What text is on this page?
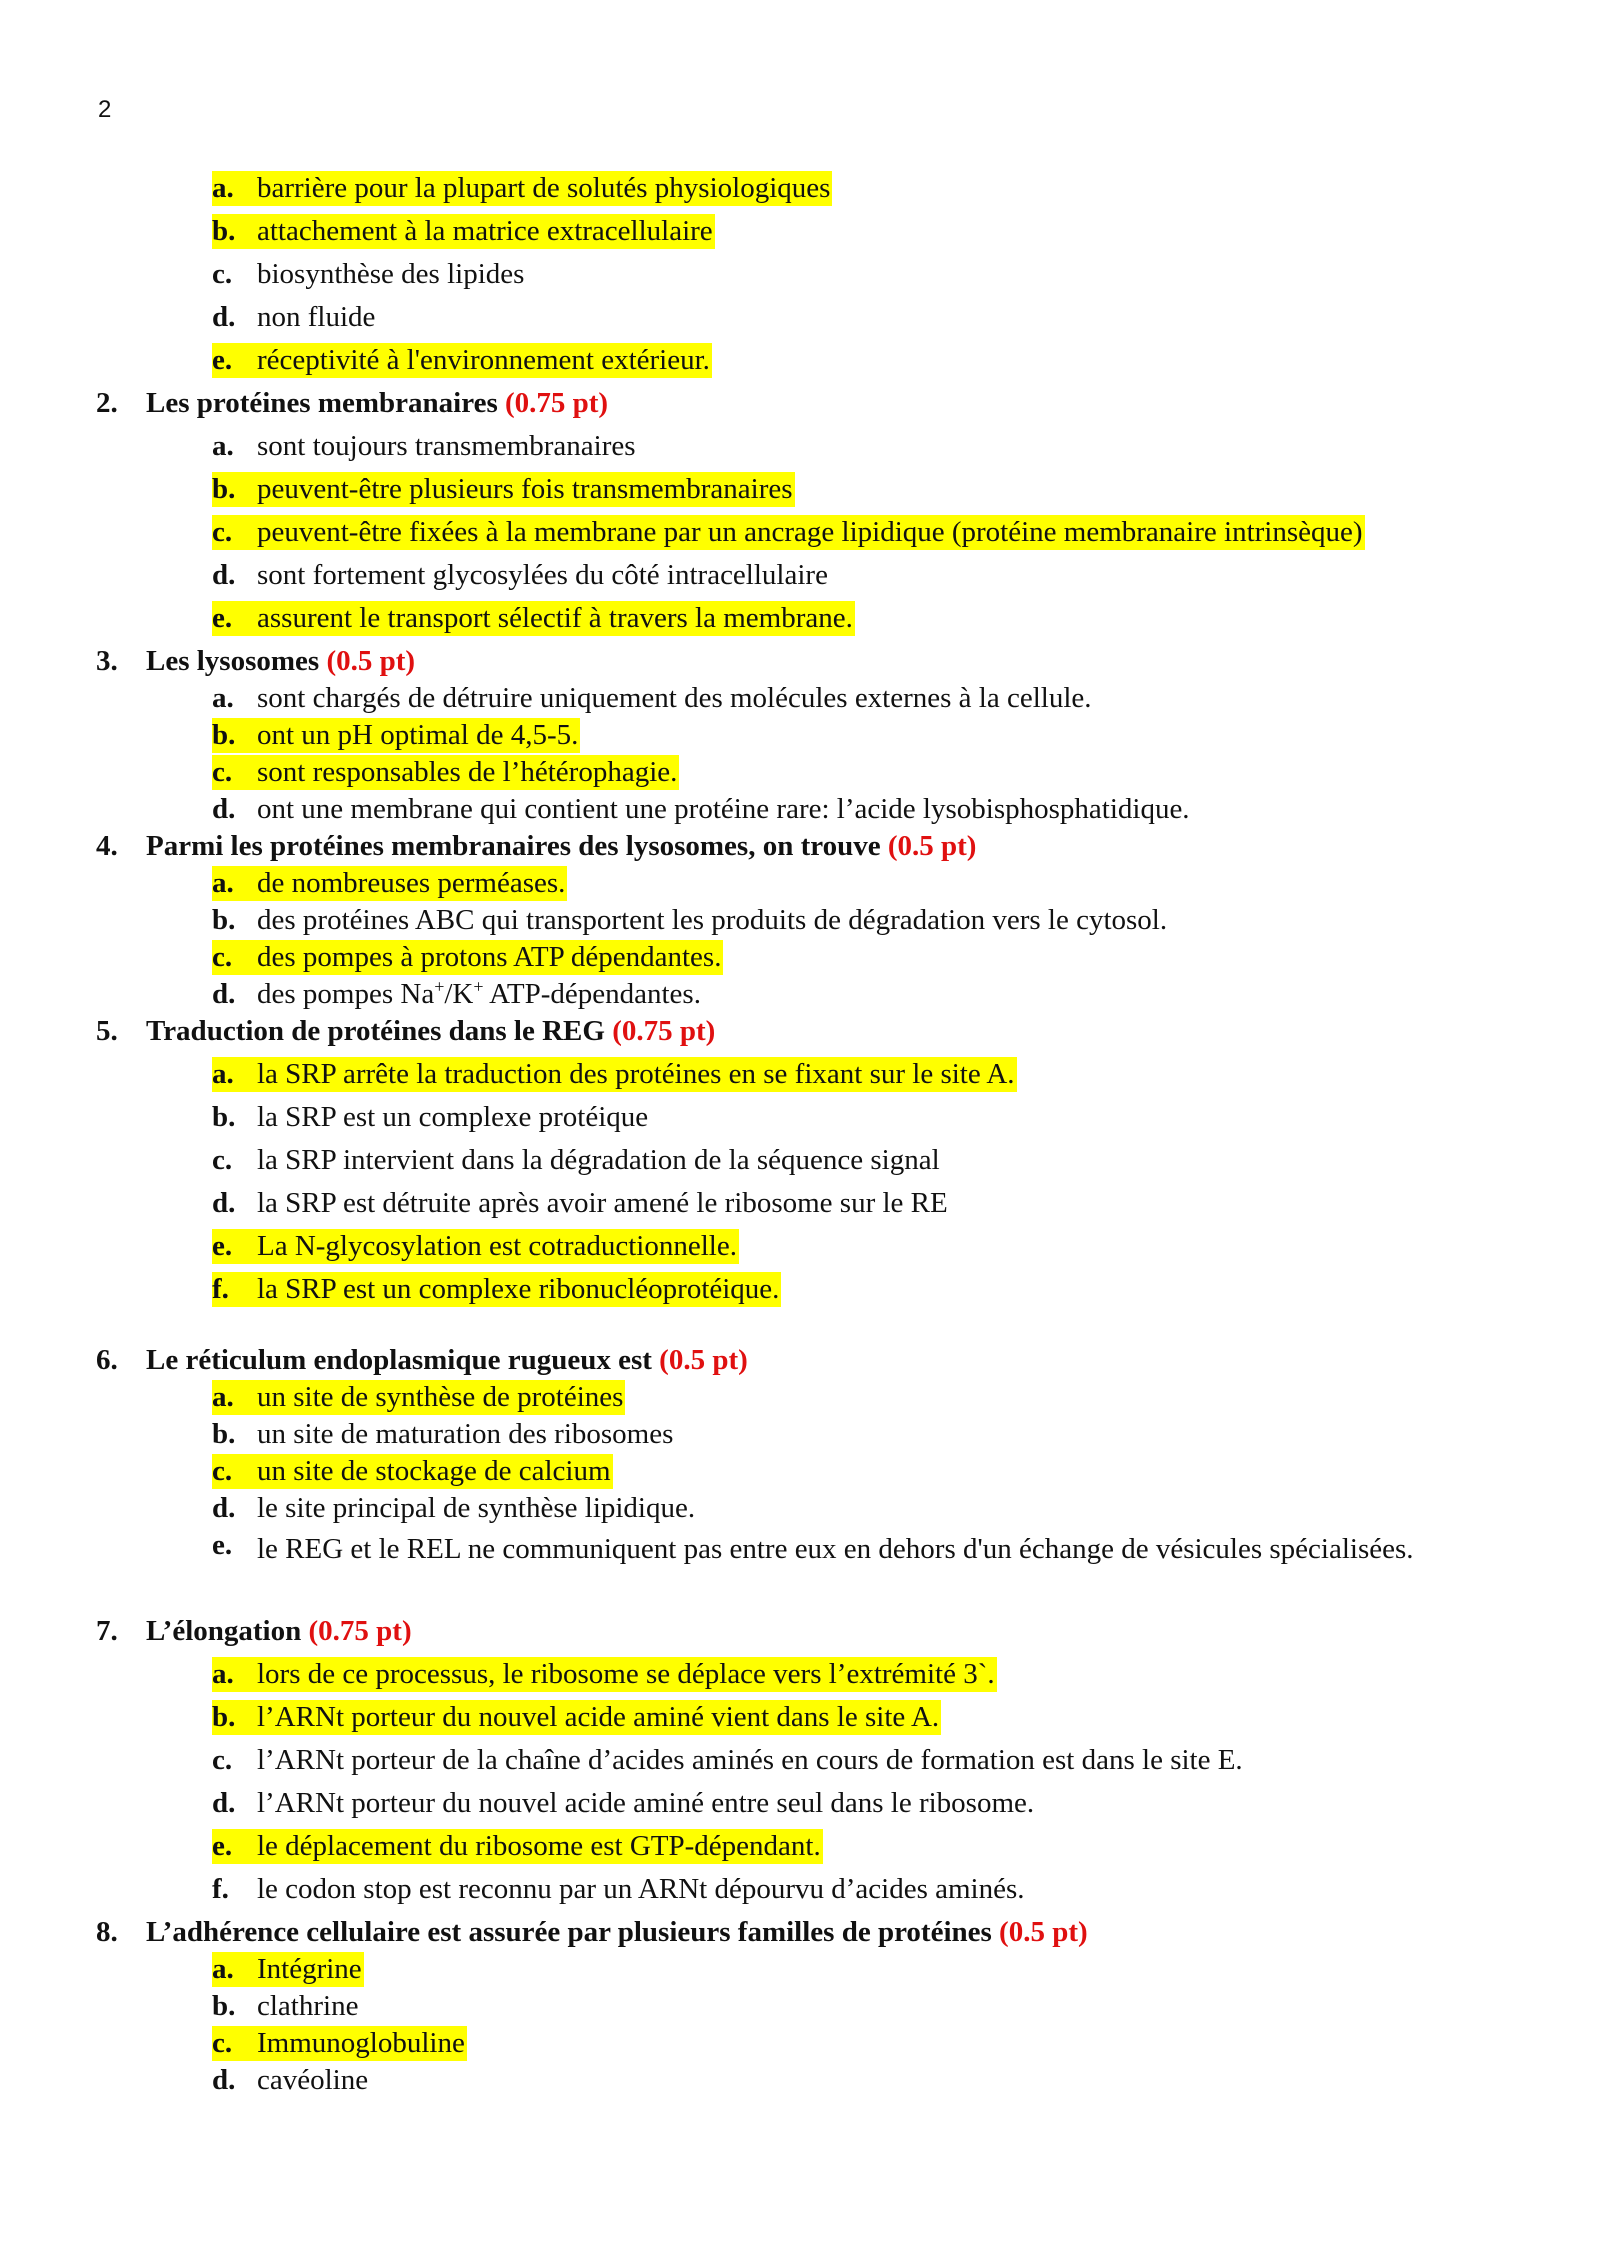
2
a. barrière pour la plupart de solutés physiologiques
b. attachement à la matrice extracellulaire
c. biosynthèse des lipides
d. non fluide
e. réceptivité à l'environnement extérieur.
2. Les protéines membranaires (0.75 pt)
a. sont toujours transmembranaires
b. peuvent-être plusieurs fois transmembranaires
c. peuvent-être fixées à la membrane par un ancrage lipidique (protéine membranaire intrinsèque)
d. sont fortement glycosylées du côté intracellulaire
e. assurent le transport sélectif à travers la membrane.
3. Les lysosomes (0.5 pt)
a. sont chargés de détruire uniquement des molécules externes à la cellule.
b. ont un pH optimal de 4,5-5.
c. sont responsables de l’hétérophagie.
d. ont une membrane qui contient une protéine rare: l’acide lysobisphosphatidique.
4. Parmi les protéines membranaires des lysosomes, on trouve (0.5 pt)
a. de nombreuses perméases.
b. des protéines ABC qui transportent les produits de dégradation vers le cytosol.
c. des pompes à protons ATP dépendantes.
d. des pompes Na+/K+ ATP-dépendantes.
5. Traduction de protéines dans le REG (0.75 pt)
a. la SRP arrête la traduction des protéines en se fixant sur le site A.
b. la SRP est un complexe protéique
c. la SRP intervient dans la dégradation de la séquence signal
d. la SRP est détruite après avoir amené le ribosome sur le RE
e. La N-glycosylation est cotraductionnelle.
f. la SRP est un complexe ribonucléoprotéique.
6. Le réticulum endoplasmique rugueux est (0.5 pt)
a. un site de synthèse de protéines
b. un site de maturation des ribosomes
c. un site de stockage de calcium
d. le site principal de synthèse lipidique.
e. le REG et le REL ne communiquent pas entre eux en dehors d'un échange de vésicules spécialisées.
7. L’élongation (0.75 pt)
a. lors de ce processus, le ribosome se déplace vers l’extrémité 3`.
b. l’ARNt porteur du nouvel acide aminé vient dans le site A.
c. l’ARNt porteur de la chaîne d’acides aminés en cours de formation est dans le site E.
d. l’ARNt porteur du nouvel acide aminé entre seul dans le ribosome.
e. le déplacement du ribosome est GTP-dépendant.
f. le codon stop est reconnu par un ARNt dépourvu d’acides aminés.
8. L’adhérence cellulaire est assurée par plusieurs familles de protéines (0.5 pt)
a. Intégrine
b. clathrine
c. Immunoglobuline
d. cavéoline
